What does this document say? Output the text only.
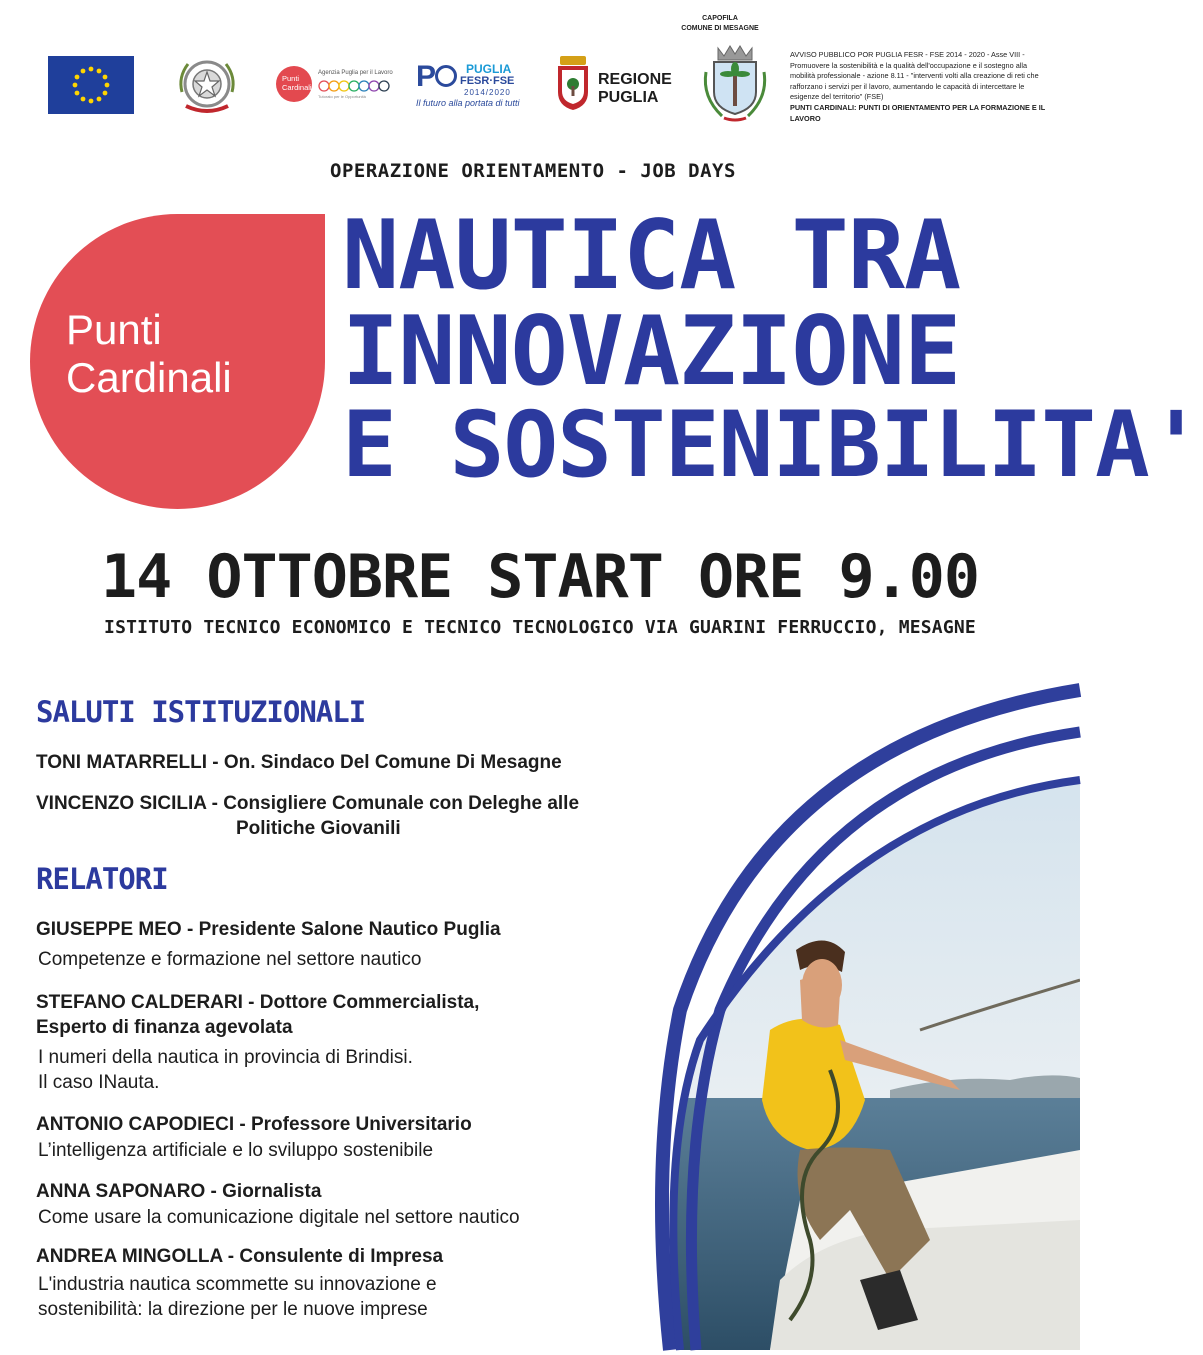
Punti
Cardinali
Agenzia Puglia per il Lavoro
Tutorato per le Opportunità
P PUGLIA
FESR·FSE
2014/2020
Il futuro alla portata di tutti
REGIONE
PUGLIA
CAPOFILA
COMUNE DI MESAGNE
AVVISO PUBBLICO POR PUGLIA FESR - FSE 2014 - 2020 - Asse VIII - Promuovere la sostenibilità e la qualità dell'occupazione e il sostegno alla mobilità professionale - azione 8.11 - "interventi volti alla creazione di reti che rafforzano i servizi per il lavoro, aumentando le capacità di intercettare le esigenze del territorio" (FSE)
PUNTI CARDINALI: PUNTI DI ORIENTAMENTO PER LA FORMAZIONE E IL LAVORO
OPERAZIONE ORIENTAMENTO - JOB DAYS
Punti
Cardinali
NAUTICA TRA
INNOVAZIONE
E SOSTENIBILITA'
14 OTTOBRE START ORE 9.00
ISTITUTO TECNICO ECONOMICO E TECNICO TECNOLOGICO VIA GUARINI FERRUCCIO, MESAGNE
SALUTI ISTITUZIONALI
TONI MATARRELLI - On. Sindaco Del Comune Di Mesagne
VINCENZO SICILIA - Consigliere Comunale con Deleghe alle
Politiche Giovanili
RELATORI
GIUSEPPE MEO - Presidente Salone Nautico Puglia
Competenze e formazione nel settore nautico
STEFANO CALDERARI - Dottore Commercialista,
Esperto di finanza agevolata
I numeri della nautica in provincia di Brindisi.
Il caso INauta.
ANTONIO CAPODIECI - Professore Universitario
L’intelligenza artificiale e lo sviluppo sostenibile
ANNA SAPONARO - Giornalista
Come usare la comunicazione digitale nel settore nautico
ANDREA MINGOLLA - Consulente di Impresa
L'industria nautica scommette su innovazione e
sostenibilità: la direzione per le nuove imprese
